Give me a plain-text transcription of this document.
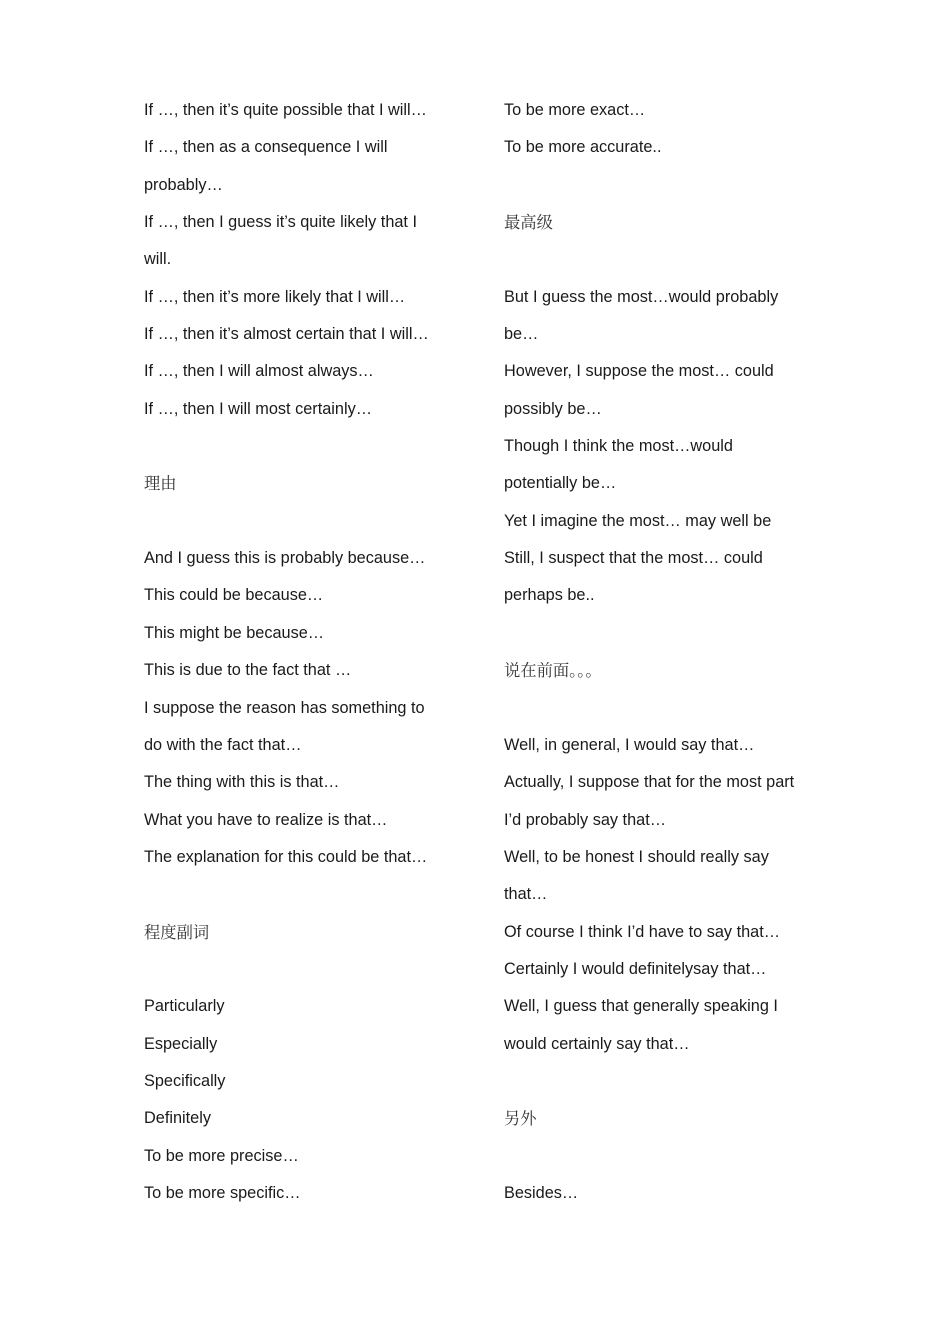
If …, then it’s quite possible that I will…
If …, then as a consequence I will
probably…
If …, then I guess it’s quite likely that I
will.
If …, then it’s more likely that I will…
If …, then it’s almost certain that I will…
If …, then I will almost always…
If …, then I will most certainly…
理由
And I guess this is probably because…
This could be because…
This might be because…
This is due to the fact that …
I suppose the reason has something to
do with the fact that…
The thing with this is that…
What you have to realize is that…
The explanation for this could be that…
程度副词
Particularly
Especially
Specifically
Definitely
To be more precise…
To be more specific…
To be more exact…
To be more accurate..
最高级
But I guess the most…would probably
be…
However, I suppose the most… could
possibly be…
Though I think the most…would
potentially be…
Yet I imagine the most… may well be
Still, I suspect that the most… could
perhaps be..
说在前面。。。
Well, in general, I would say that…
Actually, I suppose that for the most part
I’d probably say that…
Well, to be honest I should really say
that…
Of course I think I’d have to say that…
Certainly I would definitelysay that…
Well, I guess that generally speaking I
would certainly say that…
另外
Besides…
